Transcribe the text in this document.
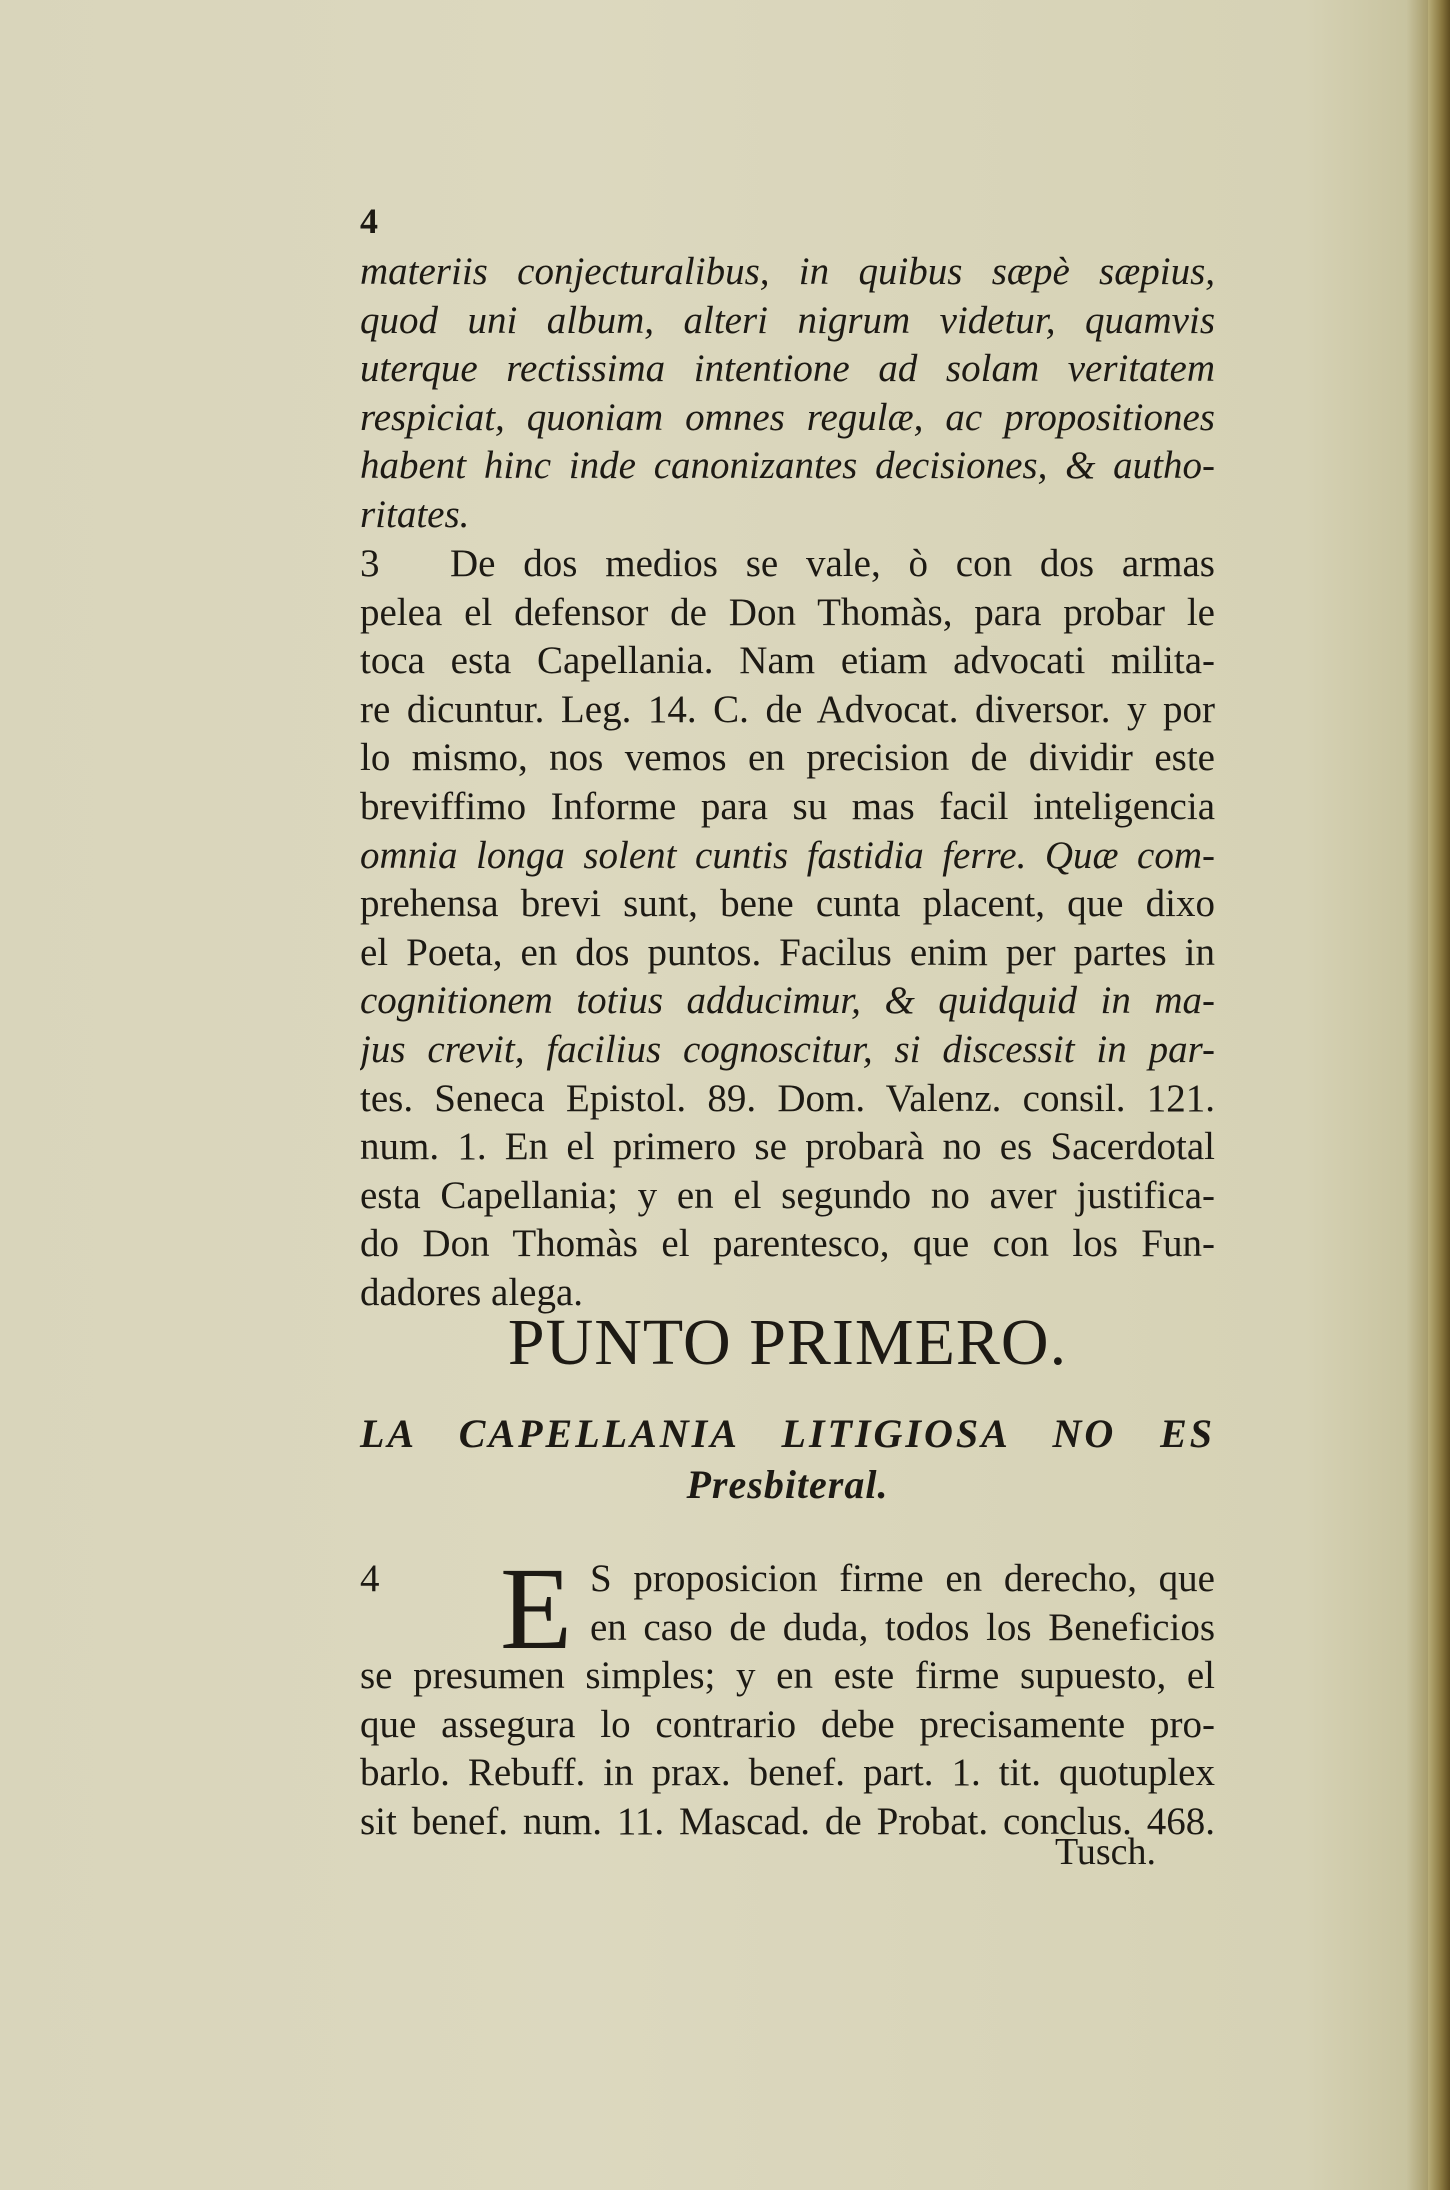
4
materiis conjecturalibus, in quibus sæpè sæpius,
quod uni album, alteri nigrum videtur, quamvis
uterque rectissima intentione ad solam veritatem
respiciat, quoniam omnes regulæ, ac propositiones
habent hinc inde canonizantes decisiones, & autho-
ritates.
3 De dos medios se vale, ò con dos armas
pelea el defensor de Don Thomàs, para probar le
toca esta Capellania. Nam etiam advocati milita-
re dicuntur. Leg. 14. C. de Advocat. diversor. y por
lo mismo, nos vemos en precision de dividir este
breviffimo Informe para su mas facil inteligencia
omnia longa solent cuntis fastidia ferre. Quæ com-
prehensa brevi sunt, bene cunta placent, que dixo
el Poeta, en dos puntos. Facilus enim per partes in
cognitionem totius adducimur, & quidquid in ma-
jus crevit, facilius cognoscitur, si discessit in par-
tes. Seneca Epistol. 89. Dom. Valenz. consil. 121.
num. 1. En el primero se probarà no es Sacerdotal
esta Capellania; y en el segundo no aver justifica-
do Don Thomàs el parentesco, que con los Fun-
dadores alega.
PUNTO PRIMERO.
LA CAPELLANIA LITIGIOSA NO ES
Presbiteral.
E
4	S proposicion firme en derecho, que
en caso de duda, todos los Beneficios
se presumen simples; y en este firme supuesto, el
que assegura lo contrario debe precisamente pro-
barlo. Rebuff. in prax. benef. part. 1. tit. quotuplex
sit benef. num. 11. Mascad. de Probat. conclus. 468.
Tusch.
